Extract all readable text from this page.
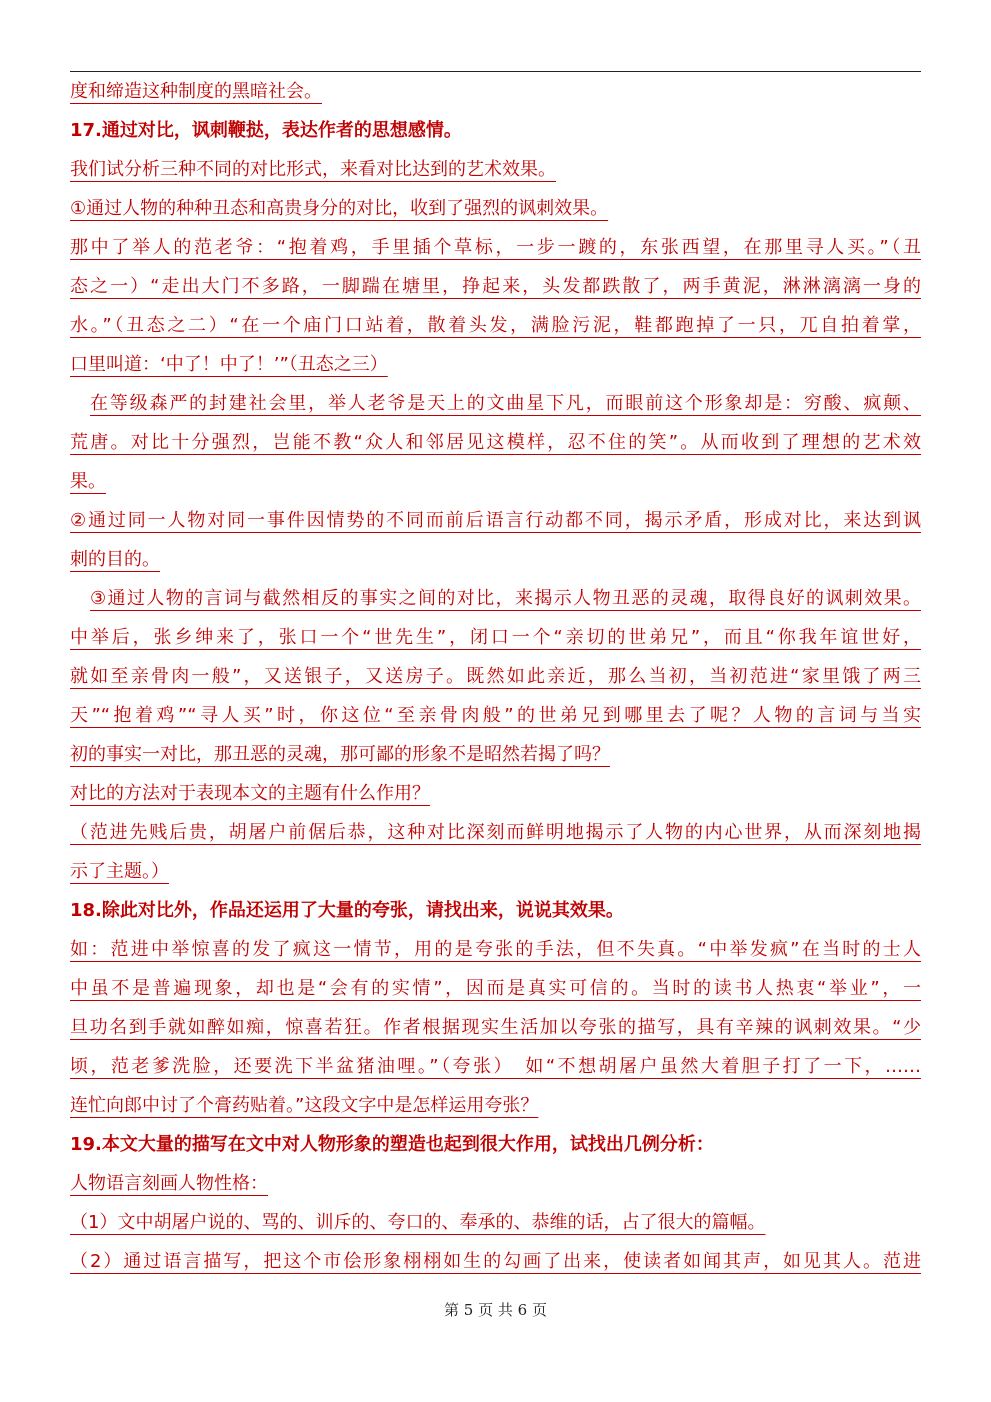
度和缔造这种制度的黑暗社会。
17.通过对比，讽刺鞭挞，表达作者的思想感情。
我们试分析三种不同的对比形式，来看对比达到的艺术效果。
①通过人物的种种丑态和高贵身分的对比，收到了强烈的讽刺效果。
那中了举人的范老爷：“抱着鸡，手里插个草标，一步一踱的，东张西望，在那里寻人买。”（丑
态之一）“走出大门不多路，一脚踹在塘里，挣起来，头发都跌散了，两手黄泥，淋淋漓漓一身的
水。”（丑态之二）“在一个庙门口站着，散着头发，满脸污泥，鞋都跑掉了一只，兀自拍着掌，
口里叫道：‘中了！中了！’”（丑态之三）
在等级森严的封建社会里，举人老爷是天上的文曲星下凡，而眼前这个形象却是：穷酸、疯颠、
荒唐。对比十分强烈，岂能不教“众人和邻居见这模样，忍不住的笑”。从而收到了理想的艺术效
果。
②通过同一人物对同一事件因情势的不同而前后语言行动都不同，揭示矛盾，形成对比，来达到讽
刺的目的。
③通过人物的言词与截然相反的事实之间的对比，来揭示人物丑恶的灵魂，取得良好的讽刺效果。
中举后，张乡绅来了，张口一个“世先生”，闭口一个“亲切的世弟兄”，而且“你我年谊世好，
就如至亲骨肉一般”，又送银子，又送房子。既然如此亲近，那么当初，当初范进“家里饿了两三
天”“抱着鸡”“寻人买”时，你这位“至亲骨肉般”的世弟兄到哪里去了呢？人物的言词与当实
初的事实一对比，那丑恶的灵魂，那可鄙的形象不是昭然若揭了吗？
对比的方法对于表现本文的主题有什么作用？
（范进先贱后贵，胡屠户前倨后恭，这种对比深刻而鲜明地揭示了人物的内心世界，从而深刻地揭
示了主题。）
18.除此对比外，作品还运用了大量的夸张，请找出来，说说其效果。
如：范进中举惊喜的发了疯这一情节，用的是夸张的手法，但不失真。“中举发疯”在当时的士人
中虽不是普遍现象，却也是“会有的实情”，因而是真实可信的。当时的读书人热衷“举业”，一
旦功名到手就如醉如痴，惊喜若狂。作者根据现实生活加以夸张的描写，具有辛辣的讽刺效果。“少
顷，范老爹洗脸，还要洗下半盆猪油哩。”（夸张）　如“不想胡屠户虽然大着胆子打了一下，……
连忙向郎中讨了个膏药贴着。”这段文字中是怎样运用夸张？
19.本文大量的描写在文中对人物形象的塑造也起到很大作用，试找出几例分析：
人物语言刻画人物性格：
（1）文中胡屠户说的、骂的、训斥的、夸口的、奉承的、恭维的话，占了很大的篇幅。
（2）通过语言描写，把这个市侩形象栩栩如生的勾画了出来，使读者如闻其声，如见其人。范进
第 5 页 共 6 页
